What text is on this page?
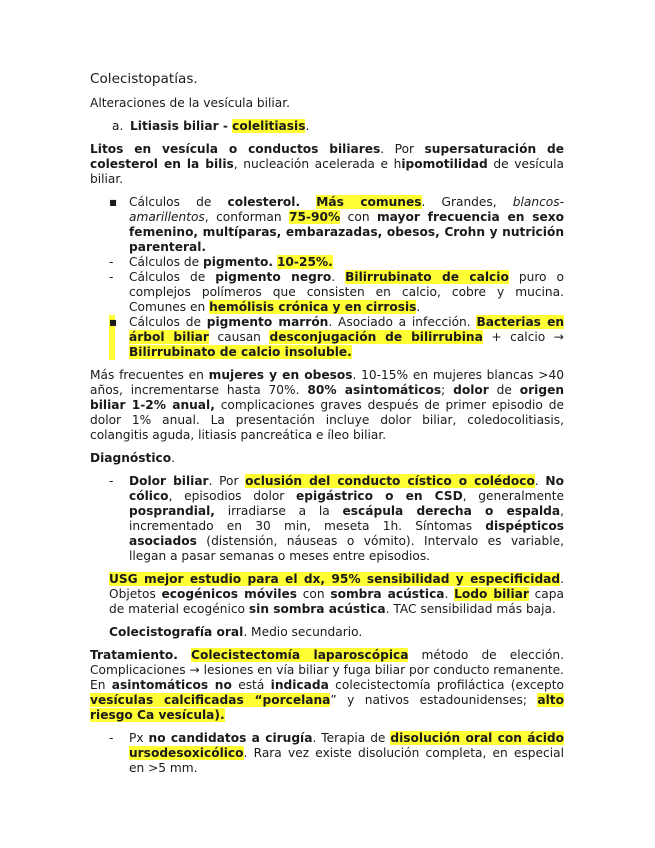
Colecistopatías.
Alteraciones de la vesícula biliar.
a. Litiasis biliar - colelitiasis.
Litos en vesícula o conductos biliares. Por supersaturación de colesterol en la bilis, nucleación acelerada e hipomotilidad de vesícula biliar.
▪ Cálculos de colesterol. Más comunes. Grandes, blancos-amarillentos, conforman 75-90% con mayor frecuencia en sexo femenino, multíparas, embarazadas, obesos, Crohn y nutrición parenteral.
-	Cálculos de pigmento. 10-25%.
-	Cálculos de pigmento negro. Bilirrubinato de calcio puro o complejos polímeros que consisten en calcio, cobre y mucina. Comunes en hemólisis crónica y en cirrosis.
▪ Cálculos de pigmento marrón. Asociado a infección. Bacterias en árbol biliar causan desconjugación de bilirrubina + calcio → Bilirrubinato de calcio insoluble.
Más frecuentes en mujeres y en obesos. 10-15% en mujeres blancas >40 años, incrementarse hasta 70%. 80% asintomáticos; dolor de origen biliar 1-2% anual, complicaciones graves después de primer episodio de dolor 1% anual. La presentación incluye dolor biliar, coledocolitiasis, colangitis aguda, litiasis pancreática e íleo biliar.
Diagnóstico.
-	Dolor biliar. Por oclusión del conducto cístico o colédoco. No cólico, episodios dolor epigástrico o en CSD, generalmente posprandial, irradiarse a la escápula derecha o espalda, incrementado en 30 min, meseta 1h. Síntomas dispépticos asociados (distensión, náuseas o vómito). Intervalo es variable, llegan a pasar semanas o meses entre episodios.
USG mejor estudio para el dx, 95% sensibilidad y especificidad. Objetos ecogénicos móviles con sombra acústica. Lodo biliar capa de material ecogénico sin sombra acústica. TAC sensibilidad más baja.
Colecistografía oral. Medio secundario.
Tratamiento. Colecistectomía laparoscópica método de elección. Complicaciones → lesiones en vía biliar y fuga biliar por conducto remanente. En asintomáticos no está indicada colecistectomía profiláctica (excepto vesículas calcificadas “porcelana” y nativos estadounidenses; alto riesgo Ca vesícula).
-	Px no candidatos a cirugía. Terapia de disolución oral con ácido ursodesoxicólico. Rara vez existe disolución completa, en especial en >5 mm.
